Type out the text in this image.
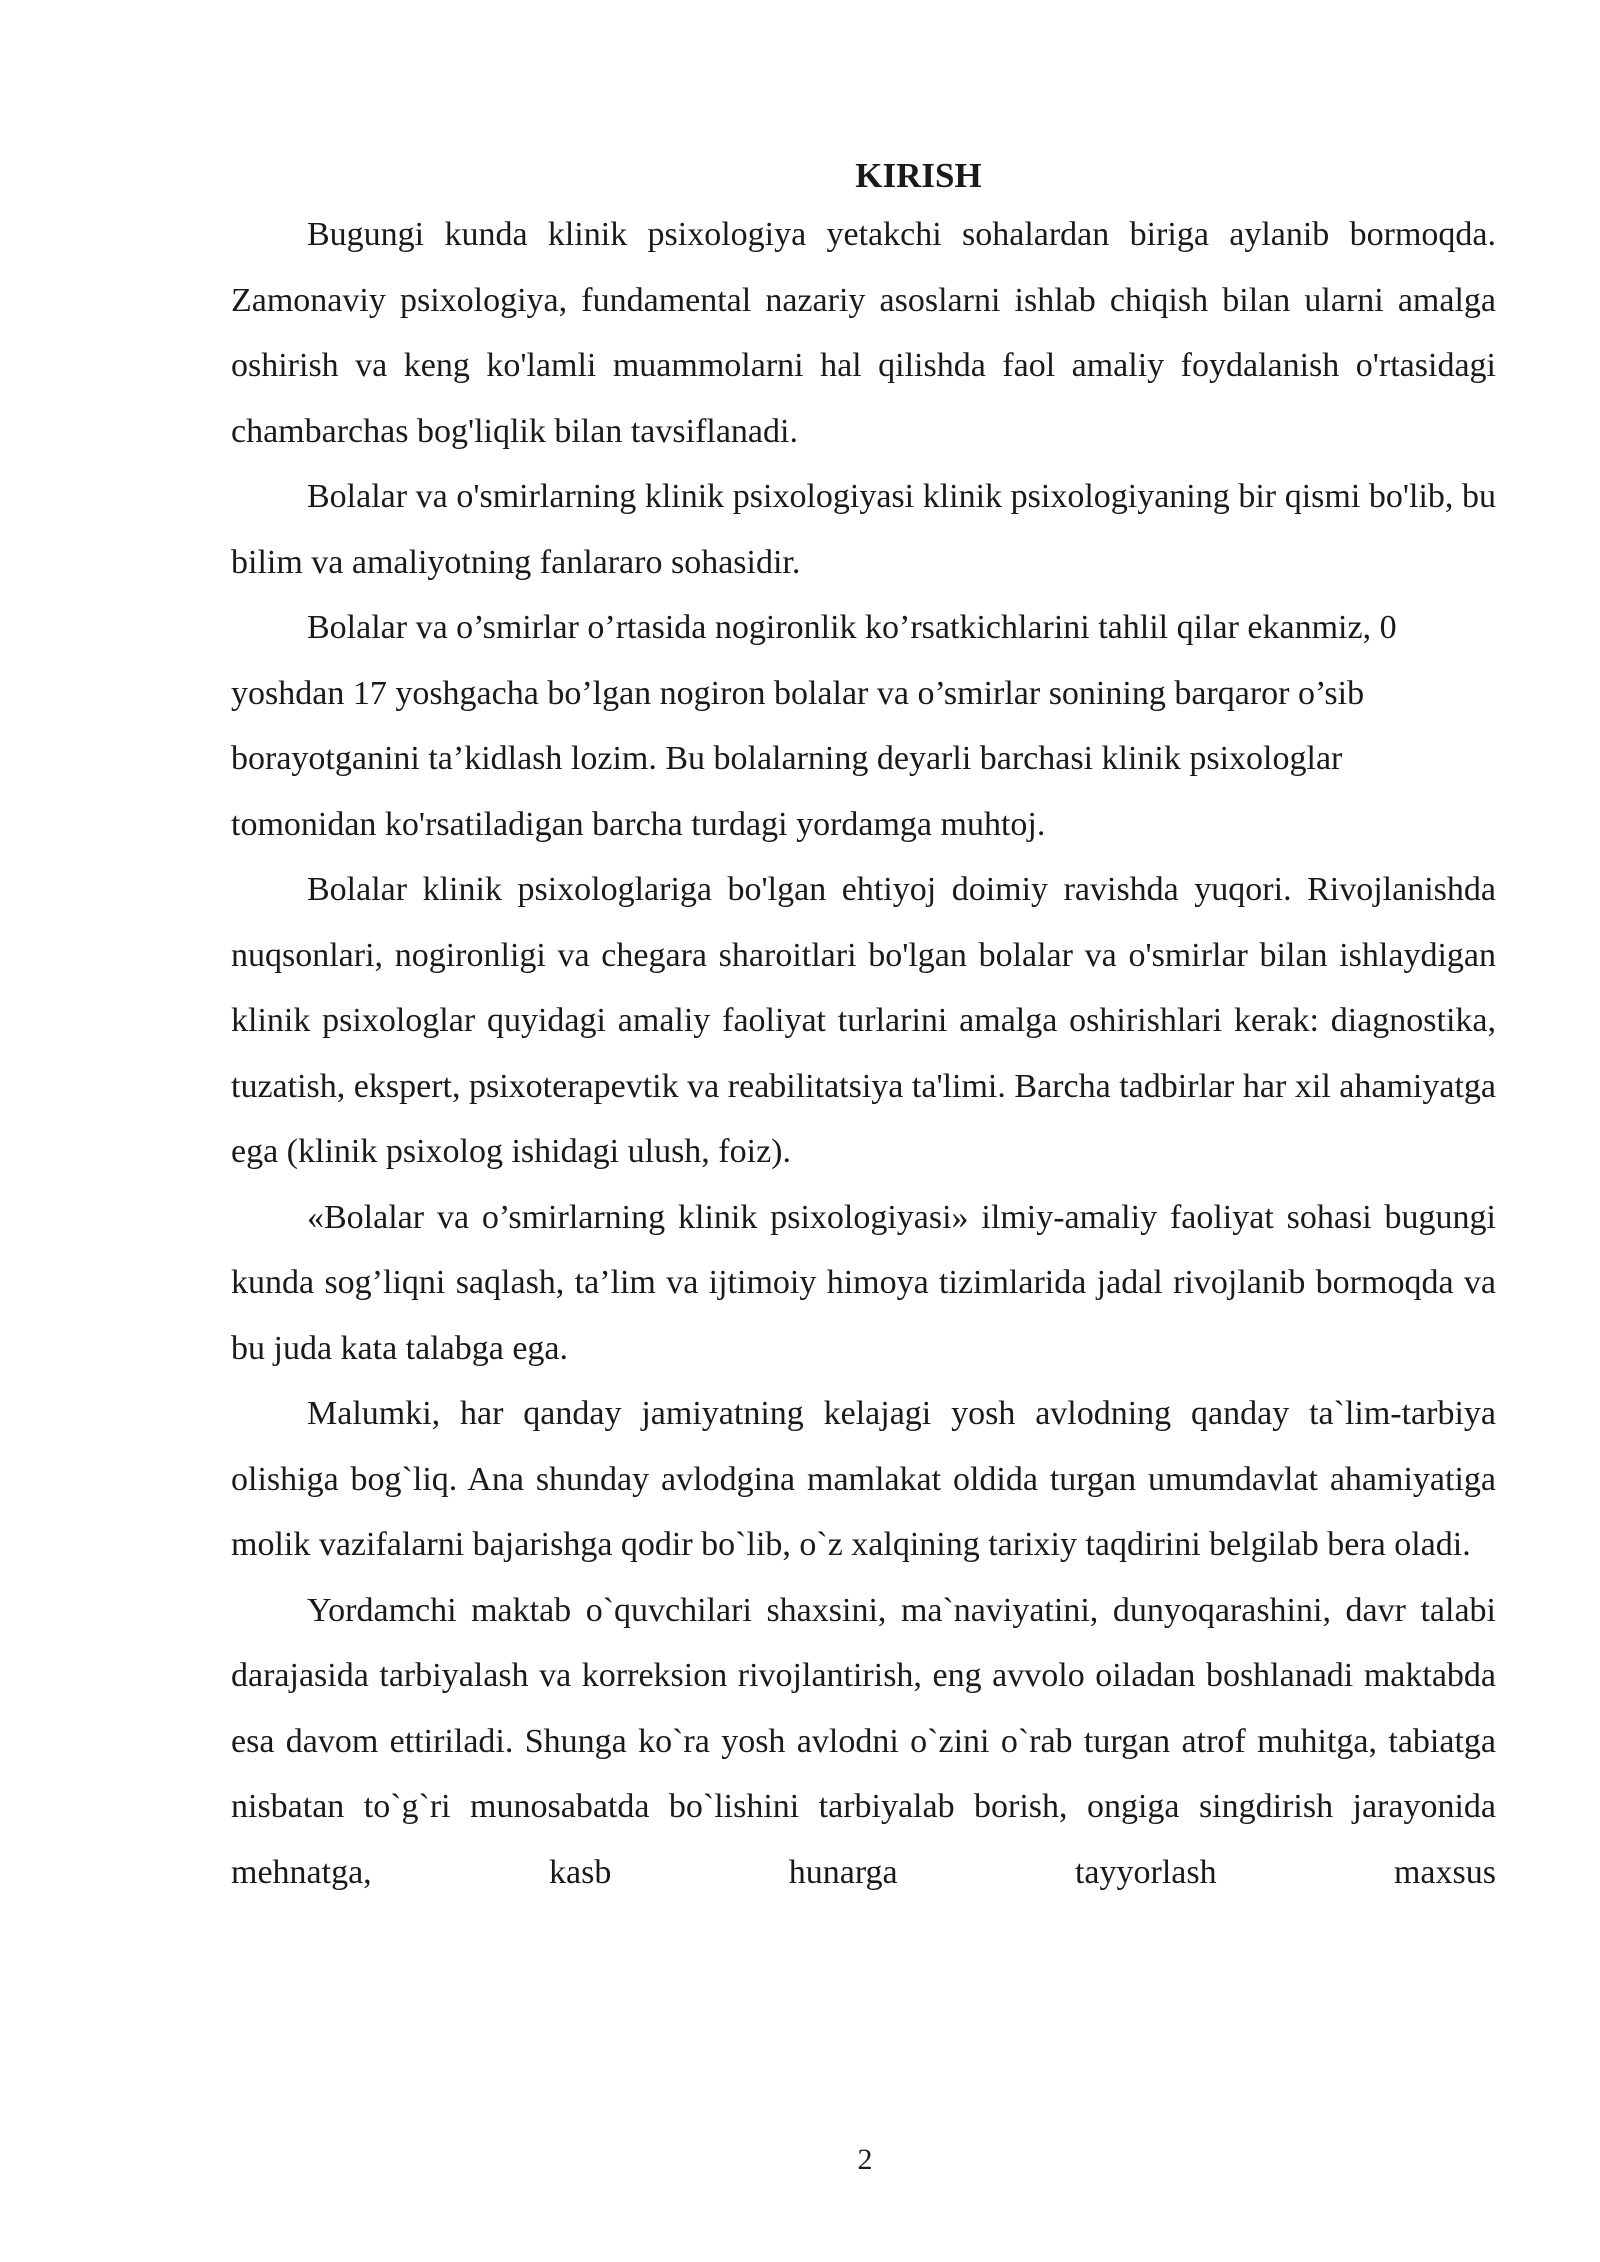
KIRISH

Bugungi kunda klinik psixologiya yetakchi sohalardan biriga aylanib bormoqda. Zamonaviy psixologiya, fundamental nazariy asoslarni ishlab chiqish bilan ularni amalga oshirish va keng ko'lamli muammolarni hal qilishda faol amaliy foydalanish o'rtasidagi chambarchas bog'liqlik bilan tavsiflanadi.

Bolalar va o'smirlarning klinik psixologiyasi klinik psixologiyaning bir qismi bo'lib, bu bilim va amaliyotning fanlararo sohasidir.

Bolalar va o’smirlar o’rtasida nogironlik ko’rsatkichlarini tahlil qilar ekanmiz, 0 yoshdan 17 yoshgacha bo’lgan nogiron bolalar va o’smirlar sonining barqaror o’sib borayotganini ta’kidlash lozim. Bu bolalarning deyarli barchasi klinik psixologlar tomonidan ko'rsatiladigan barcha turdagi yordamga muhtoj.

Bolalar klinik psixologlariga bo'lgan ehtiyoj doimiy ravishda yuqori. Rivojlanishda nuqsonlari, nogironligi va chegara sharoitlari bo'lgan bolalar va o'smirlar bilan ishlaydigan klinik psixologlar quyidagi amaliy faoliyat turlarini amalga oshirishlari kerak: diagnostika, tuzatish, ekspert, psixoterapevtik va reabilitatsiya ta'limi. Barcha tadbirlar har xil ahamiyatga ega (klinik psixolog ishidagi ulush, foiz).

«Bolalar va o’smirlarning klinik psixologiyasi» ilmiy-amaliy faoliyat sohasi bugungi kunda sog’liqni saqlash, ta’lim va ijtimoiy himoya tizimlarida jadal rivojlanib bormoqda va bu juda kata talabga ega.

Malumki, har qanday jamiyatning kelajagi yosh avlodning qanday ta`lim-tarbiya olishiga bog`liq. Ana shunday avlodgina mamlakat oldida turgan umumdavlat ahamiyatiga molik vazifalarni bajarishga qodir bo`lib, o`z xalqining tarixiy taqdirini belgilab bera oladi.

Yordamchi maktab o`quvchilari shaxsini, ma`naviyatini, dunyoqarashini, davr talabi darajasida tarbiyalash va korreksion rivojlantirish, eng avvolo oiladan boshlanadi maktabda esa davom ettiriladi. Shunga ko`ra yosh avlodni o`zini o`rab turgan atrof muhitga, tabiatga nisbatan to`g`ri munosabatda bo`lishini tarbiyalab borish, ongiga singdirish jarayonida mehnatga, kasb hunarga tayyorlash maxsus

2
